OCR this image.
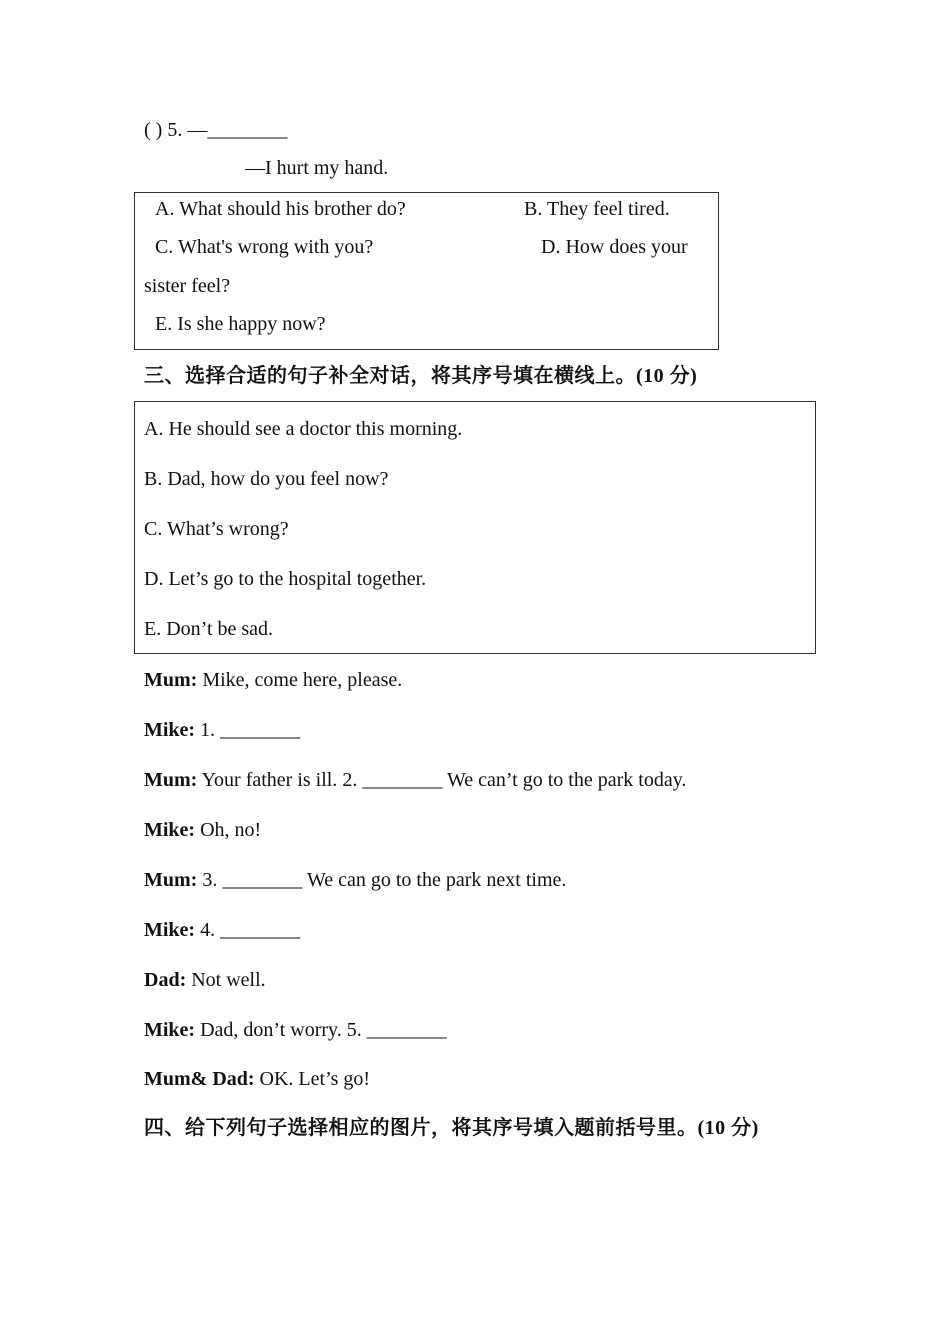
( ) 5. —________
—I hurt my hand.
A. What should his brother do?	B. They feel tired.
C. What's wrong with you?	D. How does your
sister feel?
E. Is she happy now?
三、选择合适的句子补全对话，将其序号填在横线上。(10 分)
A. He should see a doctor this morning.
B. Dad, how do you feel now?
C. What’s wrong?
D. Let’s go to the hospital together.
E. Don’t be sad.
Mum: Mike, come here, please.
Mike: 1. ________
Mum: Your father is ill. 2. ________ We can’t go to the park today.
Mike: Oh, no!
Mum: 3. ________ We can go to the park next time.
Mike: 4. ________
Dad: Not well.
Mike: Dad, don’t worry. 5. ________
Mum& Dad: OK. Let’s go!
四、给下列句子选择相应的图片，将其序号填入题前括号里。(10 分)
